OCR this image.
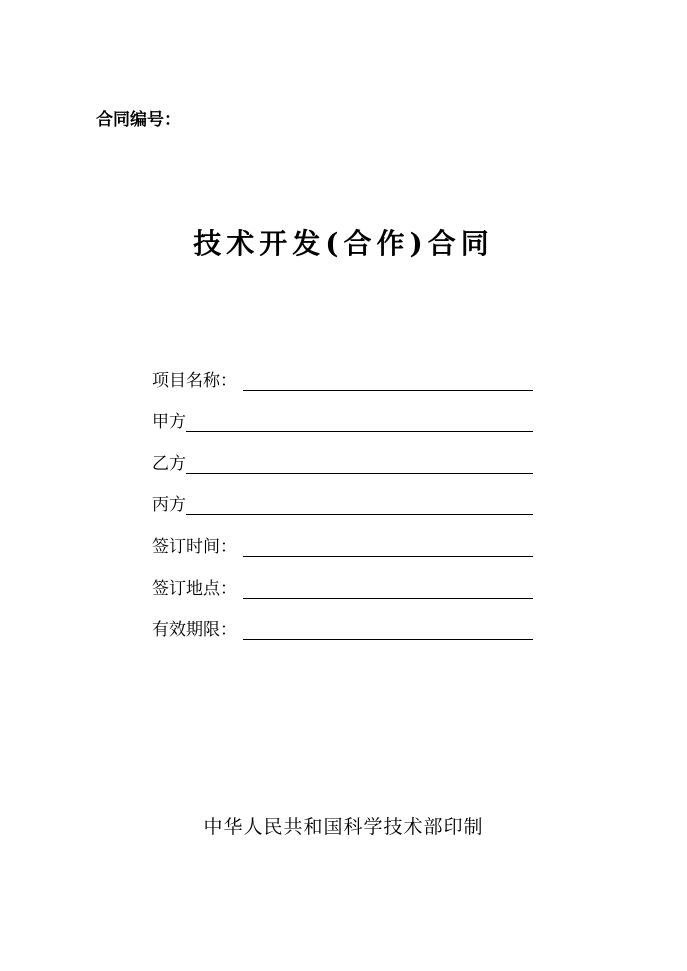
合同编号：
技术开发(合作)合同
项目名称：
甲方
乙方
丙方
签订时间：
签订地点：
有效期限：
中华人民共和国科学技术部印制
